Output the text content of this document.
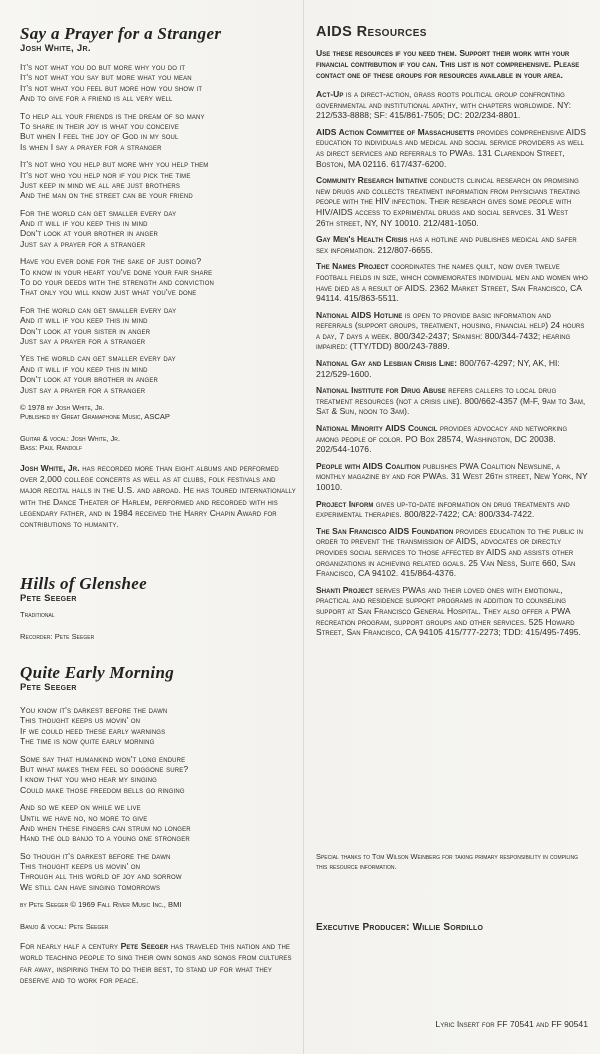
Say a Prayer for a Stranger

Josh White, Jr.

It's not what you do but more why you do it
It's not what you say but more what you mean
It's not what you feel but more how you show it
And to give for a friend is all very well
To help all your friends is the dream of so many
To share in their joy is what you conceive
But when I feel the joy of God in my soul
Is when I say a prayer for a stranger
It's not who you help but more why you help them
It's not who you help nor if you pick the time
Just keep in mind we all are just brothers
And the man on the street can be your friend
For the world can get smaller every day
And it will if you keep this in mind
Don't look at your brother in anger
Just say a prayer for a stranger
Have you ever done for the sake of just doing?
To know in your heart you've done your fair share
To do your deeds with the strength and conviction
That only you will know just what you've done
For the world can get smaller every day
And it will if you keep this in mind
Don't look at your sister in anger
Just say a prayer for a stranger
Yes the world can get smaller every day
And it will if you keep this in mind
Don't look at your brother in anger
Just say a prayer for a stranger

© 1978 by Josh White, Jr.

Published by Great Gramaphone Music, ASCAP

Guitar & vocal: Josh White, Jr.

Bass: Paul Randolf

Josh White, Jr. has recorded more than eight albums and performed over 2,000 college concerts as well as at clubs, folk festivals and major recital halls in the U.S. and abroad. He has toured internationally with the Dance Theater of Harlem, performed and recorded with his legendary father, and in 1984 received the Harry Chapin Award for contributions to humanity.

Hills of Glenshee

Pete Seeger

Traditional

Recorder: Pete Seeger

Quite Early Morning

Pete Seeger

You know it's darkest before the dawn
This thought keeps us movin' on
If we could heed these early warnings
The time is now quite early morning
Some say that humankind won't long endure
But what makes them feel so doggone sure?
I know that you who hear my singing
Could make those freedom bells go ringing
And so we keep on while we live
Until we have no, no more to give
And when these fingers can strum no longer
Hand the old banjo to a young one stronger
So though it's darkest before the dawn
This thought keeps us movin' on
Through all this world of joy and sorrow
We still can have singing tomorrows

by Pete Seeger © 1969 Fall River Music Inc., BMI

Banjo & vocal: Pete Seeger

For nearly half a century Pete Seeger has traveled this nation and the world teaching people to sing their own songs and songs from cultures far away, inspiring them to do their best, to stand up for what they deserve and to work for peace.

AIDS Resources

Use these resources if you need them. Support their work with your financial contribution if you can. This list is not comprehensive. Please contact one of these groups for resources available in your area.

Act-Up is a direct-action, grass roots political group confronting governmental and institutional apathy, with chapters worldwide. NY: 212/533-8888; SF: 415/861-7505; DC: 202/234-8801.

AIDS Action Committee of Massachusetts provides comprehensive AIDS education to individuals and medical and social service providers as well as direct services and referrals to PWAs. 131 Clarendon Street, Boston, MA 02116. 617/437-6200.

Community Research Initiative conducts clinical research on promising new drugs and collects treatment information from physicians treating people with the HIV infection. Their research gives some people with HIV/AIDS access to exprimental drugs and social servces. 31 West 26th street, NY, NY 10010. 212/481-1050.

Gay Men's Health Crisis has a hotline and publishes medical and safer sex information. 212/807-6655.

The Names Project coordinates the names quilt, now over twelve football fields in size, which commemorates individual men and women who have died as a result of AIDS. 2362 Market Street, San Francisco, CA 94114. 415/863-5511.

National AIDS Hotline is open to provide basic information and referrals (support groups, treatment, housing, financial help) 24 hours a day, 7 days a week. 800/342-2437; Spanish: 800/344-7432; hearing impaired: (TTY/TDD) 800/243-7889.

National Gay and Lesbian Crisis Line: 800/767-4297; NY, AK, HI: 212/529-1600.

National Institute for Drug Abuse refers callers to local drug treatment resources (not a crisis line). 800/662-4357 (M-F, 9am to 3am, Sat & Sun, noon to 3am).

National Minority AIDS Council provides advocacy and networking among people of color. PO Box 28574, Washington, DC 20038. 202/544-1076.

People with AIDS Coalition publishes PWA Coalition Newsline, a monthly magazine by and for PWAs. 31 West 26th street, New York, NY 10010.

Project Inform gives up-to-date information on drug treatments and experimental therapies. 800/822-7422; CA: 800/334-7422.

The San Francisco AIDS Foundation provides education to the public in order to prevent the transmission of AIDS, advocates or directly provides social services to those affected by AIDS and assists other organizations in achieving related goals. 25 Van Ness, Suite 660, San Francisco, CA 94102. 415/864-4376.

Shanti Project serves PWAs and their loved ones with emotional, practical and residence support programs in addition to counseling support at San Francisco General Hospital. They also offer a PWA recreation program, support groups and other services. 525 Howard Street, San Francisco, CA 94105 415/777-2273; TDD: 415/495-7495.

Special thanks to Tom Wilson Weinberg for taking primary responsibility in compiling this resource information.

Executive Producer: Willie Sordillo

Lyric Insert for FF 70541 and FF 90541
